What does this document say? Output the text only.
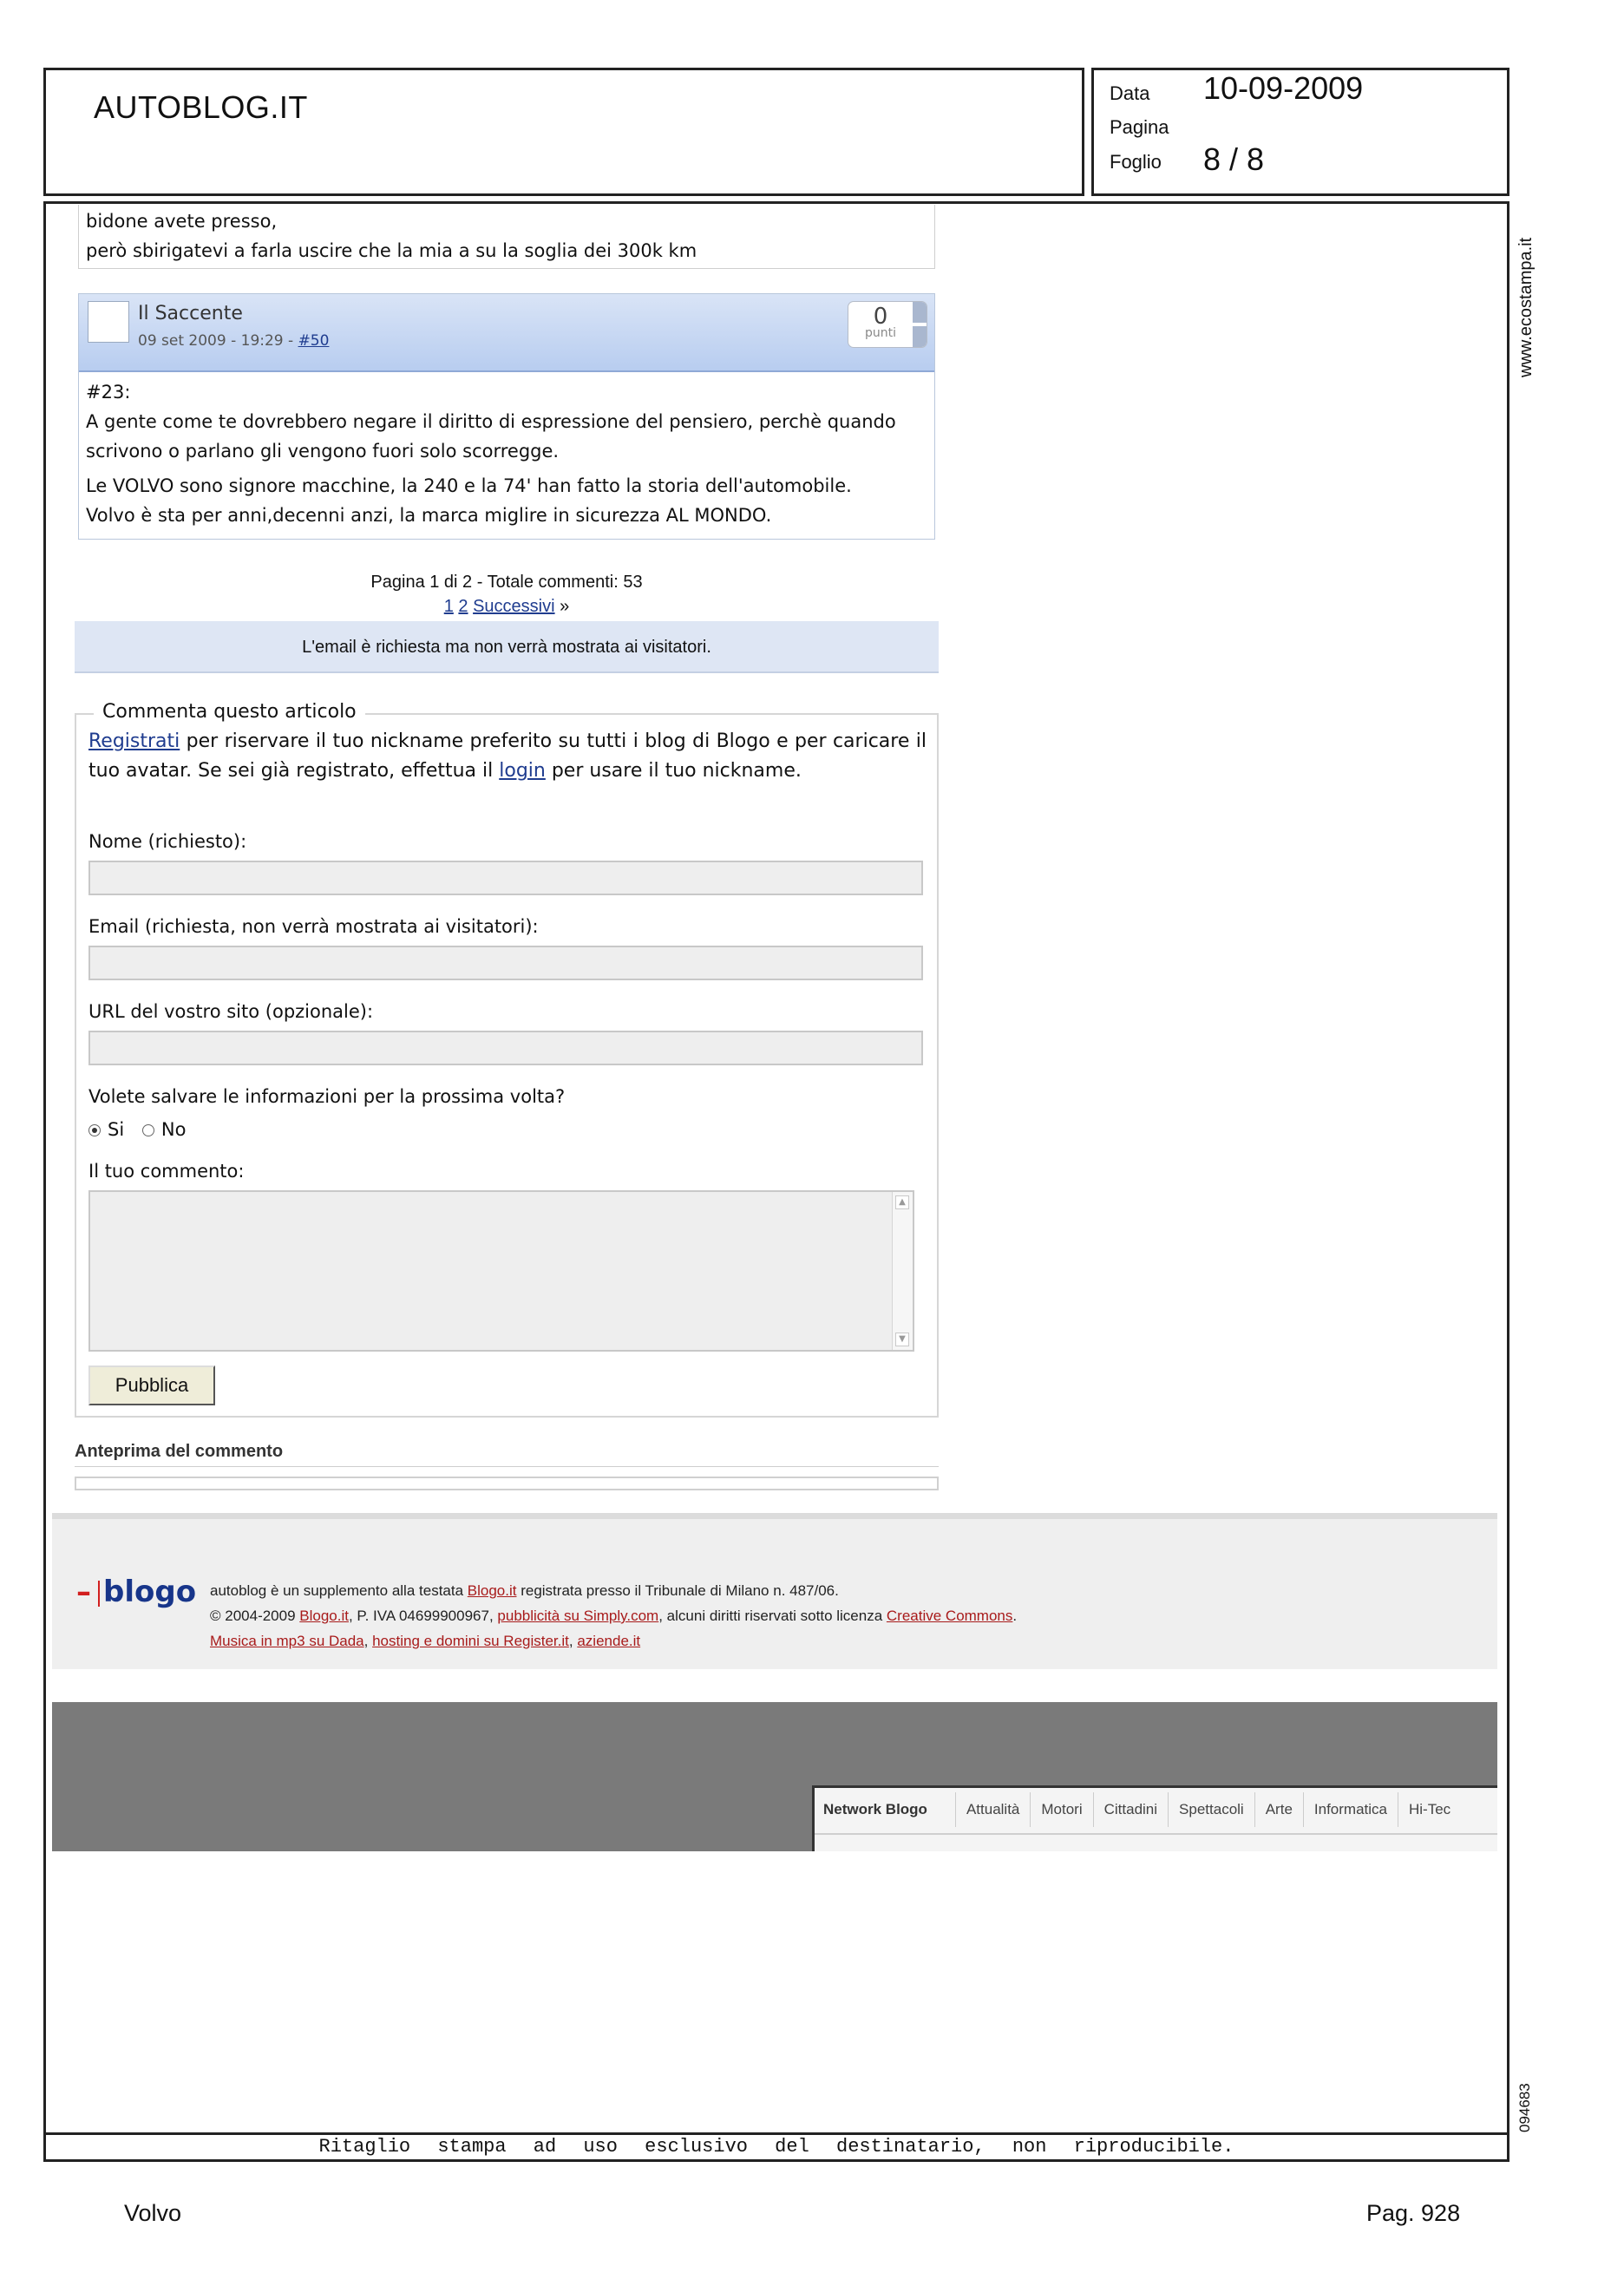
AUTOBLOG.IT	Data 10-09-2009
Pagina
Foglio 8 / 8
www.ecostampa.it
094683
bidone avete presso,
però sbirigatevi a farla uscire che la mia a su la soglia dei 300k km
Il Saccente
09 set 2009 - 19:29 - #50
0
punti

#23:

A gente come te dovrebbero negare il diritto di espressione del pensiero, perchè quando scrivono o parlano gli vengono fuori solo scorregge.

Le VOLVO sono signore macchine, la 240 e la 74' han fatto la storia dell'automobile.

Volvo è sta per anni,decenni anzi, la marca miglire in sicurezza AL MONDO.

Pagina 1 di 2 - Totale commenti: 53
1 2 Successivi »
L'email è richiesta ma non verrà mostrata ai visitatori.
Commenta questo articolo
Registrati per riservare il tuo nickname preferito su tutti i blog di Blogo e per caricare il tuo avatar. Se sei già registrato, effettua il login per usare il tuo nickname.
Nome (richiesto):
Email (richiesta, non verrà mostrata ai visitatori):
URL del vostro sito (opzionale):
Volete salvare le informazioni per la prossima volta?
Si No
Il tuo commento:
▲
▼
Pubblica
Anteprima del commento
– blogo autoblog è un supplemento alla testata Blogo.it registrata presso il Tribunale di Milano n. 487/06.
© 2004-2009 Blogo.it, P. IVA 04699900967, pubblicità su Simply.com, alcuni diritti riservati sotto licenza Creative Commons.
Musica in mp3 su Dada, hosting e domini su Register.it, aziende.it
Network Blogo	Attualità	Motori	Cittadini	Spettacoli	Arte	Informatica	Hi-Tec
Ritaglio stampa ad uso esclusivo del destinatario, non riproducibile.
Volvo	Pag. 928
